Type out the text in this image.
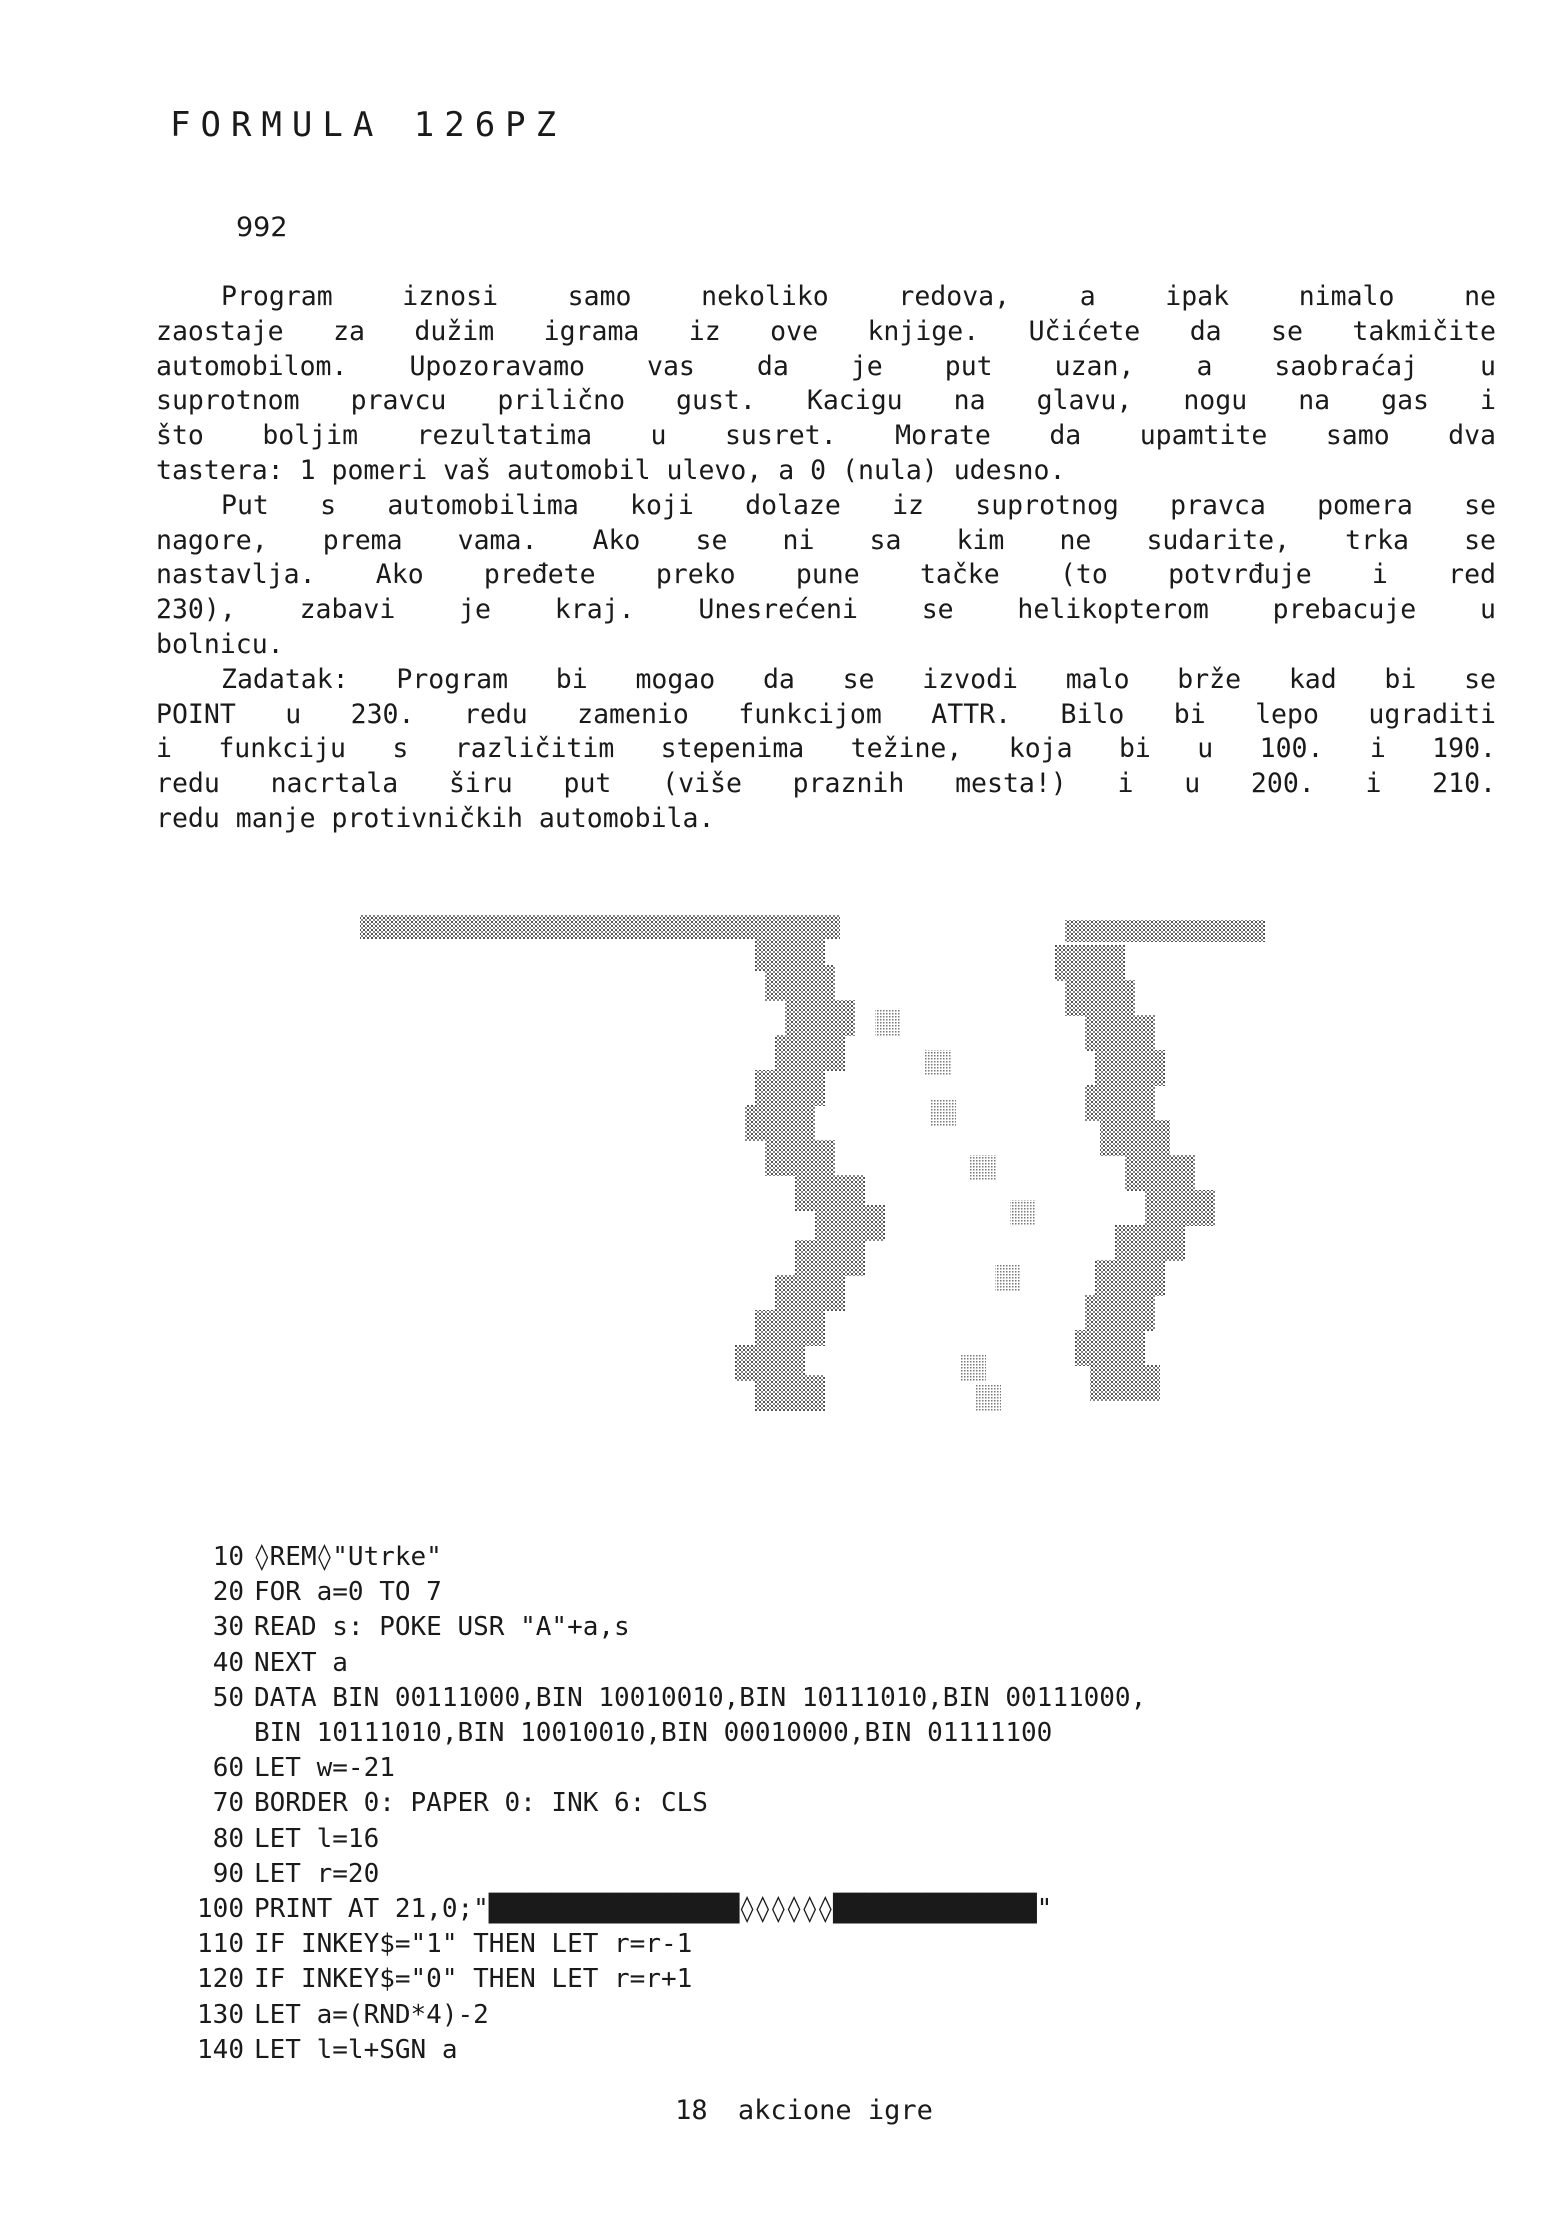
FORMULA 126PZ
992
Program iznosi samo nekoliko redova, a ipak nimalo ne
zaostaje za dužim igrama iz ove knjige. Učićete da se takmičite
automobilom. Upozoravamo vas da je put uzan, a saobraćaj u
suprotnom pravcu prilično gust. Kacigu na glavu, nogu na gas i
što boljim rezultatima u susret. Morate da upamtite samo dva
tastera: 1 pomeri vaš automobil ulevo, a 0 (nula) udesno.
Put s automobilima koji dolaze iz suprotnog pravca pomera se
nagore, prema vama. Ako se ni sa kim ne sudarite, trka se
nastavlja. Ako pređete preko pune tačke (to potvrđuje i red
230), zabavi je kraj. Unesrećeni se helikopterom prebacuje u
bolnicu.
Zadatak: Program bi mogao da se izvodi malo brže kad bi se
POINT u 230. redu zamenio funkcijom ATTR. Bilo bi lepo ugraditi
i funkciju s različitim stepenima težine, koja bi u 100. i 190.
redu nacrtala širu put (više praznih mesta!) i u 200. i 210.
redu manje protivničkih automobila.
10 ◊REM◊"Utrke"
20 FOR a=0 TO 7
30 READ s: POKE USR "A"+a,s
40 NEXT a
50 DATA BIN 00111000,BIN 10010010,BIN 10111010,BIN 00111000,
BIN 10111010,BIN 10010010,BIN 00010000,BIN 01111100
60 LET w=-21
70 BORDER 0: PAPER 0: INK 6: CLS
80 LET l=16
90 LET r=20
100 PRINT AT 21,0;"████████████████◊◊◊◊◊◊█████████████"
110 IF INKEY$="1" THEN LET r=r-1
120 IF INKEY$="0" THEN LET r=r+1
130 LET a=(RND*4)-2
140 LET l=l+SGN a
18 akcione igre
